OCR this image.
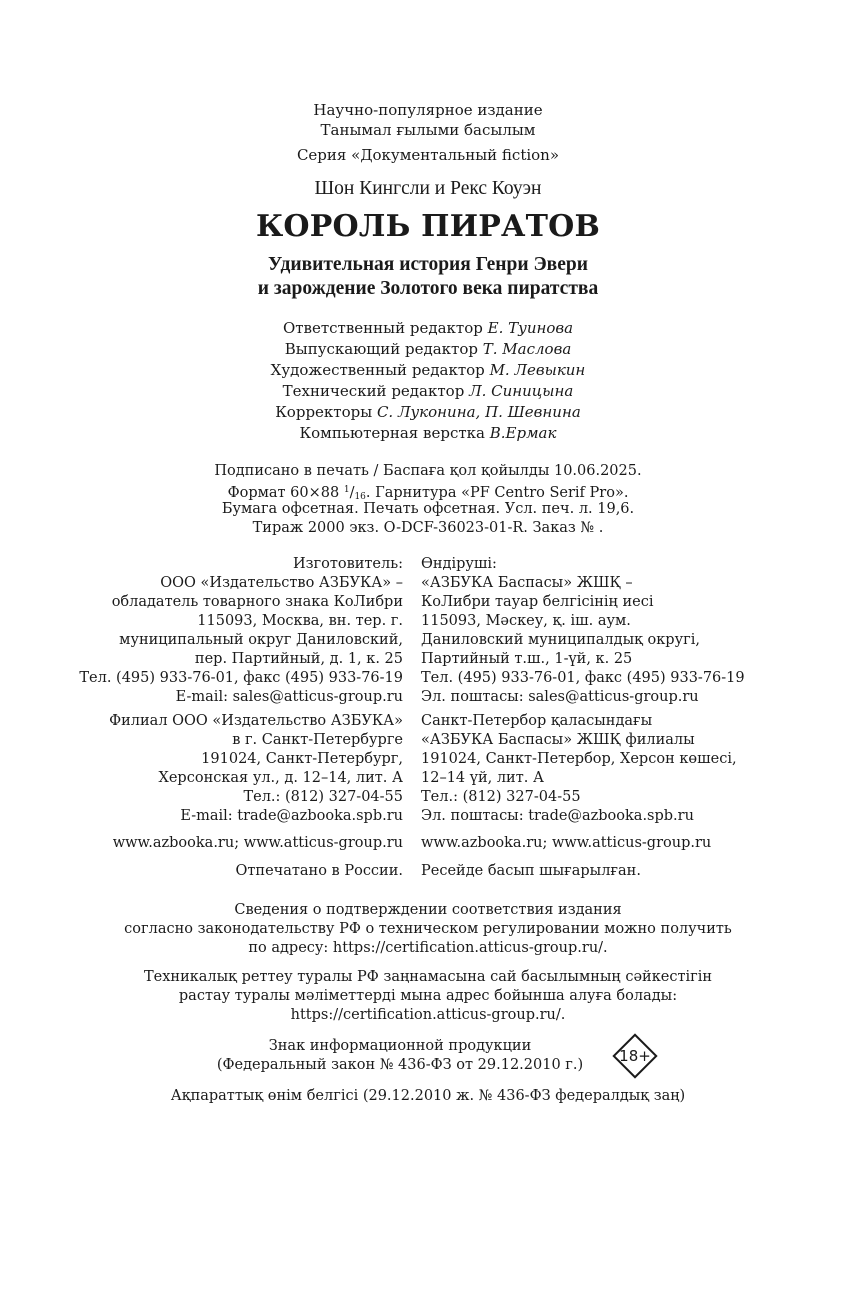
Научно-популярное издание
Танымал ғылыми басылым
Серия «Документальный fiction»
Шон Кингсли и Рекс Коуэн
КОРОЛЬ ПИРАТОВ
Удивительная история Генри Эвери
и зарождение Золотого века пиратства
Ответственный редактор Е. Туинова
Выпускающий редактор Т. Маслова
Художественный редактор М. Левыкин
Технический редактор Л. Синицына
Корректоры С. Луконина, П. Шевнина
Компьютерная верстка В.Ермак
Подписано в печать / Баспаға қол қойылды 10.06.2025.
Формат 60×88 $^1/_{16}$. Гарнитура «PF Centro Serif Pro».
Бумага офсетная. Печать офсетная. Усл. печ. л. 19,6.
Тираж 2000 экз. O-DCF-36023-01-R. Заказ № .
Изготовитель:
ООО «Издательство АЗБУКА» –
обладатель товарного знака КоЛибри
115093, Москва, вн. тер. г.
муниципальный округ Даниловский,
пер. Партийный, д. 1, к. 25
Тел. (495) 933-76-01, факс (495) 933-76-19
E-mail: sales@atticus-group.ru
Өндіруші:
«АЗБУКА Баспасы» ЖШҚ –
КоЛибри тауар белгісінің иесі
115093, Мәскеу, қ. іш. аум.
Даниловский муниципалдық округі,
Партийный т.ш., 1-үй, к. 25
Тел. (495) 933-76-01, факс (495) 933-76-19
Эл. поштасы: sales@atticus-group.ru
Филиал ООО «Издательство АЗБУКА»
в г. Санкт-Петербурге
191024, Санкт-Петербург,
Херсонская ул., д. 12–14, лит. А
Тел.: (812) 327-04-55
E-mail: trade@azbooka.spb.ru
Санкт-Петербор қаласындағы
«АЗБУКА Баспасы» ЖШҚ филиалы
191024, Санкт-Петербор, Херсон көшесі,
12–14 үй, лит. А
Тел.: (812) 327-04-55
Эл. поштасы: trade@azbooka.spb.ru
www.azbooka.ru; www.atticus-group.ru www.azbooka.ru; www.atticus-group.ru
Отпечатано в России. Ресейде басып шығарылған.
Сведения о подтверждении соответствия издания
согласно законодательству РФ о техническом регулировании можно получить
по адресу: https://certification.atticus-group.ru/.
Техникалық реттеу туралы РФ заңнамасына сай басылымның сәйкестігін
растау туралы мәліметтерді мына адрес бойынша алуға болады:
https://certification.atticus-group.ru/.
Знак информационной продукции
(Федеральный закон № 436-ФЗ от 29.12.2010 г.)	18+
Ақпараттық өнім белгісі (29.12.2010 ж. № 436-ФЗ федералдық заң)
